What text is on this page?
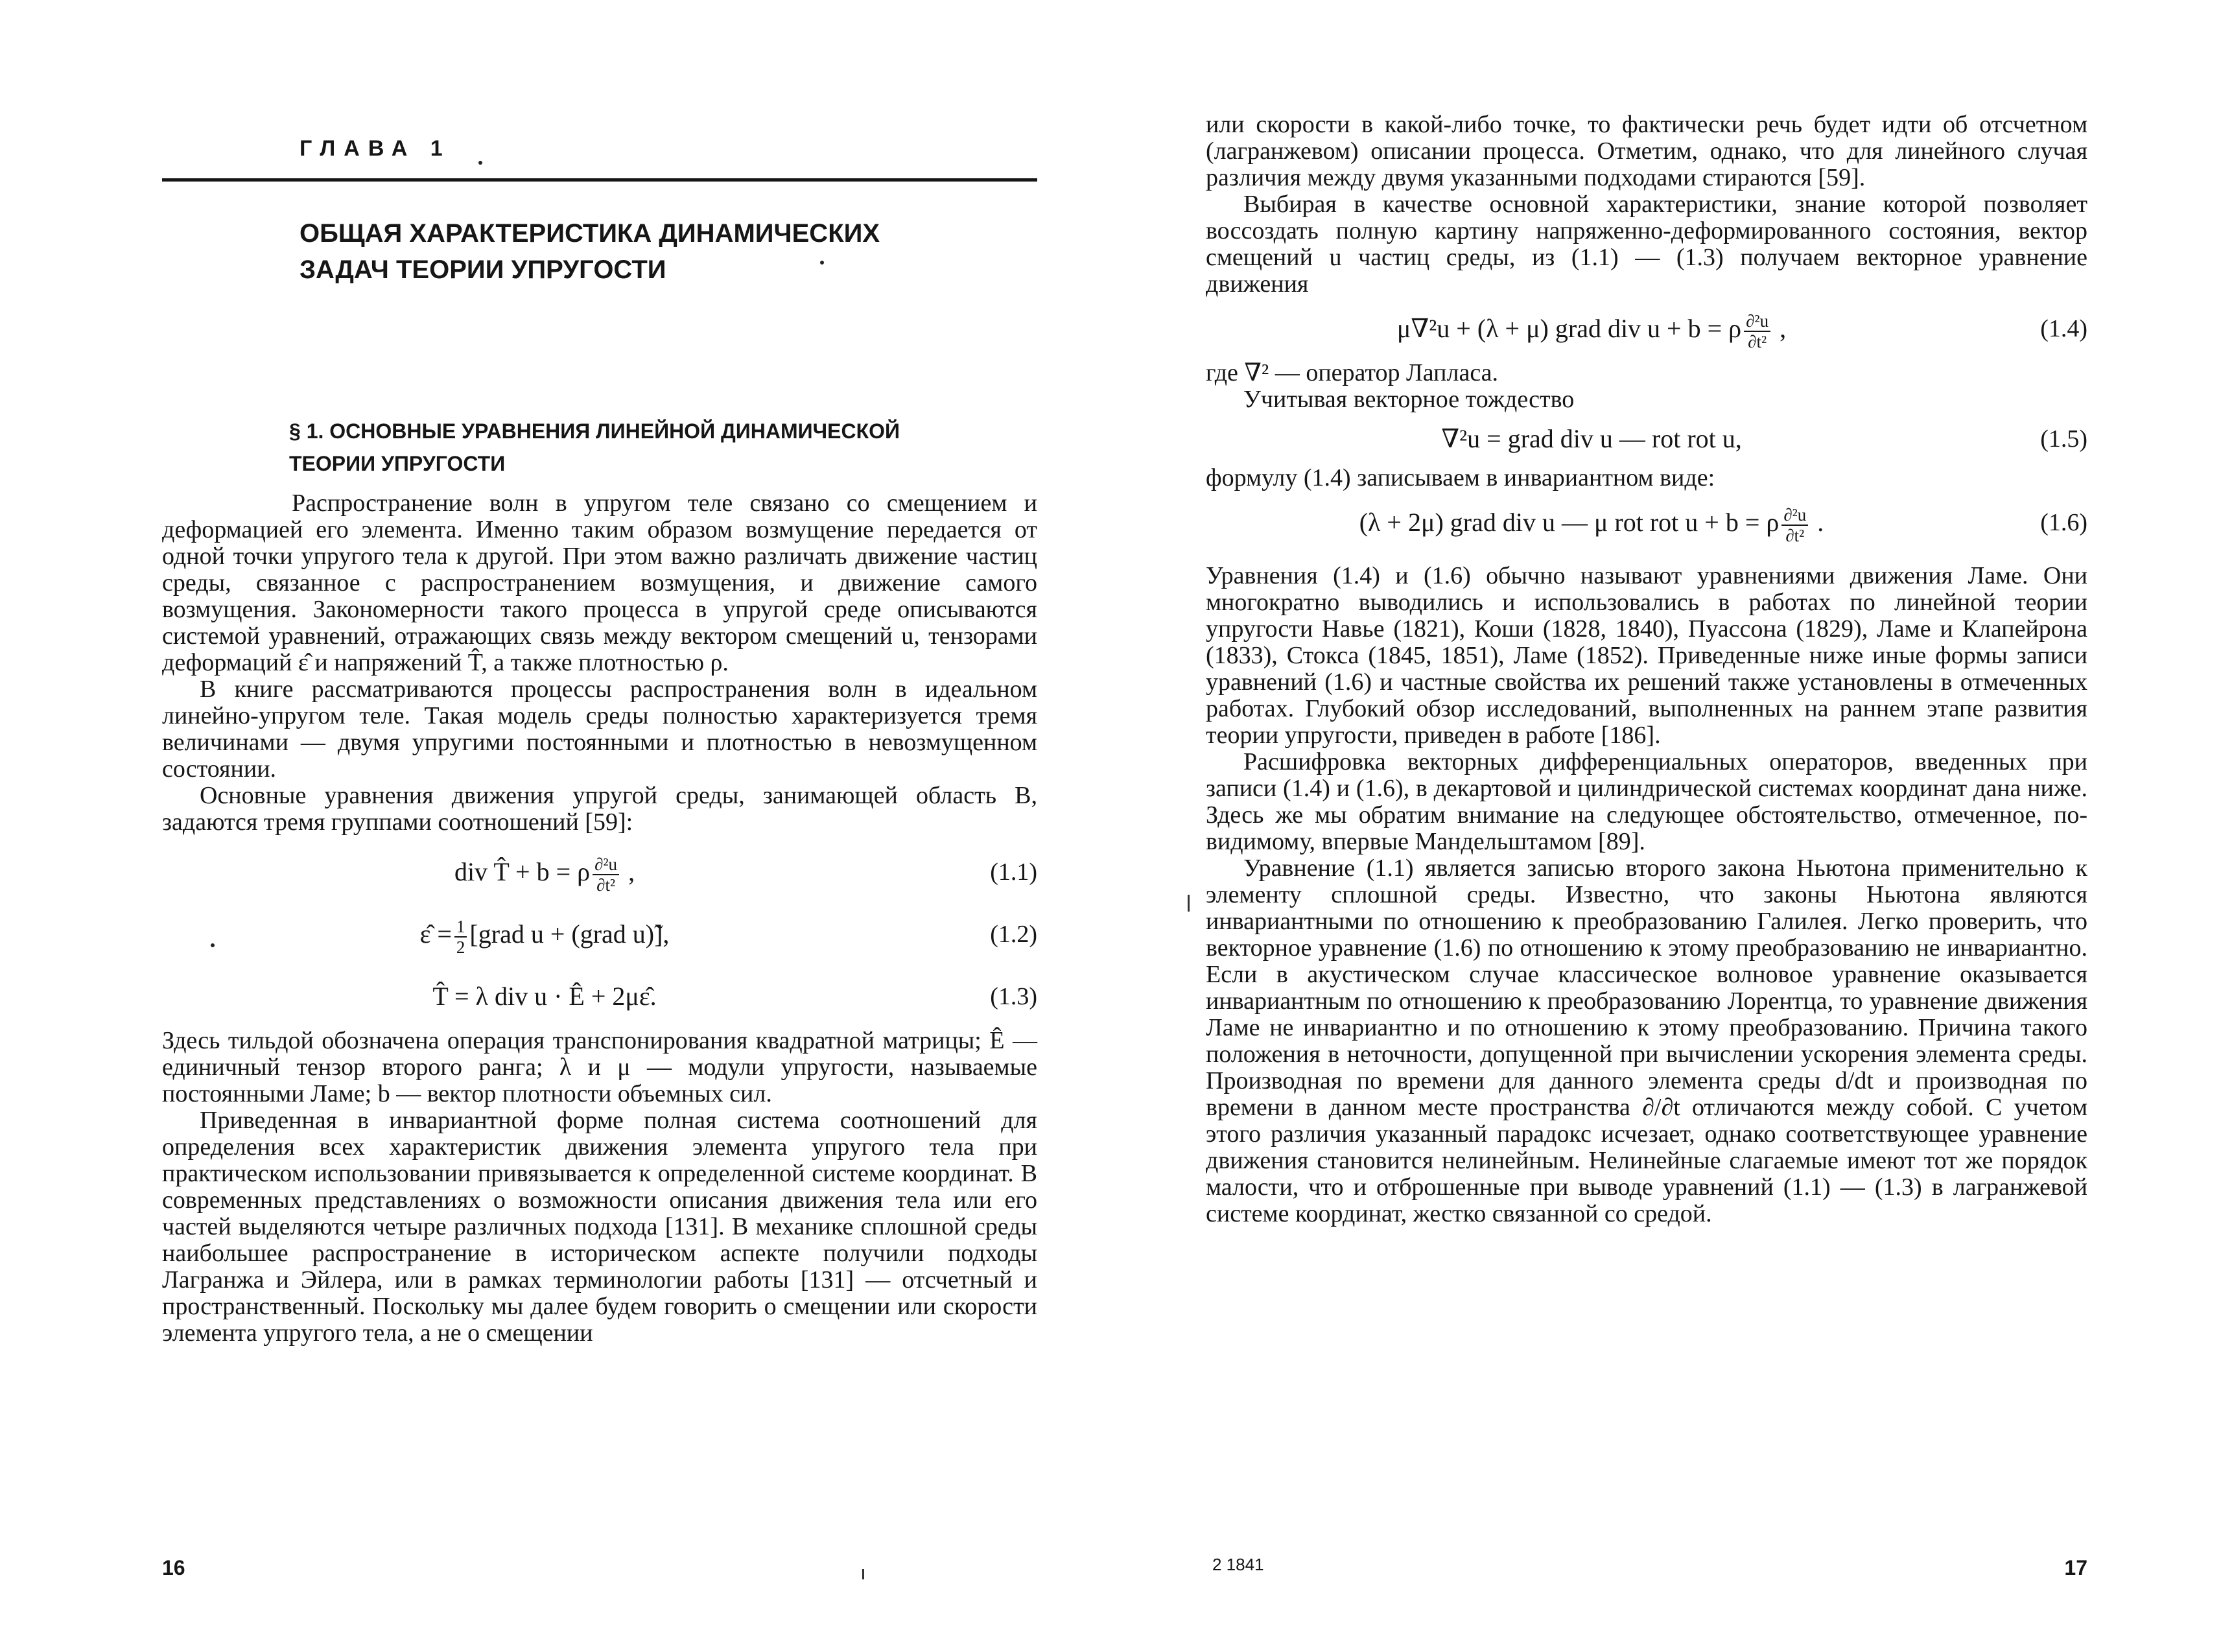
ГЛАВА 1
ОБЩАЯ ХАРАКТЕРИСТИКА ДИНАМИЧЕСКИХ ЗАДАЧ ТЕОРИИ УПРУГОСТИ
§ 1. ОСНОВНЫЕ УРАВНЕНИЯ ЛИНЕЙНОЙ ДИНАМИЧЕСКОЙ ТЕОРИИ УПРУГОСТИ

Распространение волн в упругом теле связано со смещением и деформацией его элемента. Именно таким образом возмущение передается от одной точки упругого тела к другой. При этом важно различать движение частиц среды, связанное с распространением возмущения, и движение самого возмущения. Закономерности такого процесса в упругой среде описываются системой уравнений, отражающих связь между вектором смещений u, тензорами деформаций ε̂ и напряжений T̂, а также плотностью ρ.

В книге рассматриваются процессы распространения волн в идеальном линейно-упругом теле. Такая модель среды полностью характеризуется тремя величинами — двумя упругими постоянными и плотностью в невозмущенном состоянии.

Основные уравнения движения упругой среды, занимающей область B, задаются тремя группами соотношений [59]:

div T̂ + b = ρ $\frac{\text{∂²u}}{\text{∂t²}}$ ,	(1.1)
ε̂ = $\frac{1}{2}$ [grad u + (grad u)̃],	(1.2)
T̂ = λ div u · Ê + 2με̂.	(1.3)

Здесь тильдой обозначена операция транспонирования квадратной матрицы; Ê — единичный тензор второго ранга; λ и μ — модули упругости, называемые постоянными Ламе; b — вектор плотности объемных сил.

Приведенная в инвариантной форме полная система соотношений для определения всех характеристик движения элемента упругого тела при практическом использовании привязывается к определенной системе координат. В современных представлениях о возможности описания движения тела или его частей выделяются четыре различных подхода [131]. В механике сплошной среды наибольшее распространение в историческом аспекте получили подходы Лагранжа и Эйлера, или в рамках терминологии работы [131] — отсчетный и пространственный. Поскольку мы далее будем говорить о смещении или скорости элемента упругого тела, а не о смещении

16

или скорости в какой-либо точке, то фактически речь будет идти об отсчетном (лагранжевом) описании процесса. Отметим, однако, что для линейного случая различия между двумя указанными подходами стираются [59].

Выбирая в качестве основной характеристики, знание которой позволяет воссоздать полную картину напряженно-деформированного состояния, вектор смещений u частиц среды, из (1.1) — (1.3) получаем векторное уравнение движения

μ∇²u + (λ + μ) grad div u + b = ρ $\frac{\text{∂²u}}{\text{∂t²}}$ ,	(1.4)

где ∇² — оператор Лапласа.

Учитывая векторное тождество

∇²u = grad div u — rot rot u,	(1.5)

формулу (1.4) записываем в инвариантном виде:

(λ + 2μ) grad div u — μ rot rot u + b = ρ $\frac{\text{∂²u}}{\text{∂t²}}$ .	(1.6)

Уравнения (1.4) и (1.6) обычно называют уравнениями движения Ламе. Они многократно выводились и использовались в работах по линейной теории упругости Навье (1821), Коши (1828, 1840), Пуассона (1829), Ламе и Клапейрона (1833), Стокса (1845, 1851), Ламе (1852). Приведенные ниже иные формы записи уравнений (1.6) и частные свойства их решений также установлены в отмеченных работах. Глубокий обзор исследований, выполненных на раннем этапе развития теории упругости, приведен в работе [186].

Расшифровка векторных дифференциальных операторов, введенных при записи (1.4) и (1.6), в декартовой и цилиндрической системах координат дана ниже. Здесь же мы обратим внимание на следующее обстоятельство, отмеченное, по-видимому, впервые Мандельштамом [89].

Уравнение (1.1) является записью второго закона Ньютона применительно к элементу сплошной среды. Известно, что законы Ньютона являются инвариантными по отношению к преобразованию Галилея. Легко проверить, что векторное уравнение (1.6) по отношению к этому преобразованию не инвариантно. Если в акустическом случае классическое волновое уравнение оказывается инвариантным по отношению к преобразованию Лорентца, то уравнение движения Ламе не инвариантно и по отношению к этому преобразованию. Причина такого положения в неточности, допущенной при вычислении ускорения элемента среды. Производная по времени для данного элемента среды d/dt и производная по времени в данном месте пространства ∂/∂t отличаются между собой. С учетом этого различия указанный парадокс исчезает, однако соответствующее уравнение движения становится нелинейным. Нелинейные слагаемые имеют тот же порядок малости, что и отброшенные при выводе уравнений (1.1) — (1.3) в лагранжевой системе координат, жестко связанной со средой.

2 1841	17
